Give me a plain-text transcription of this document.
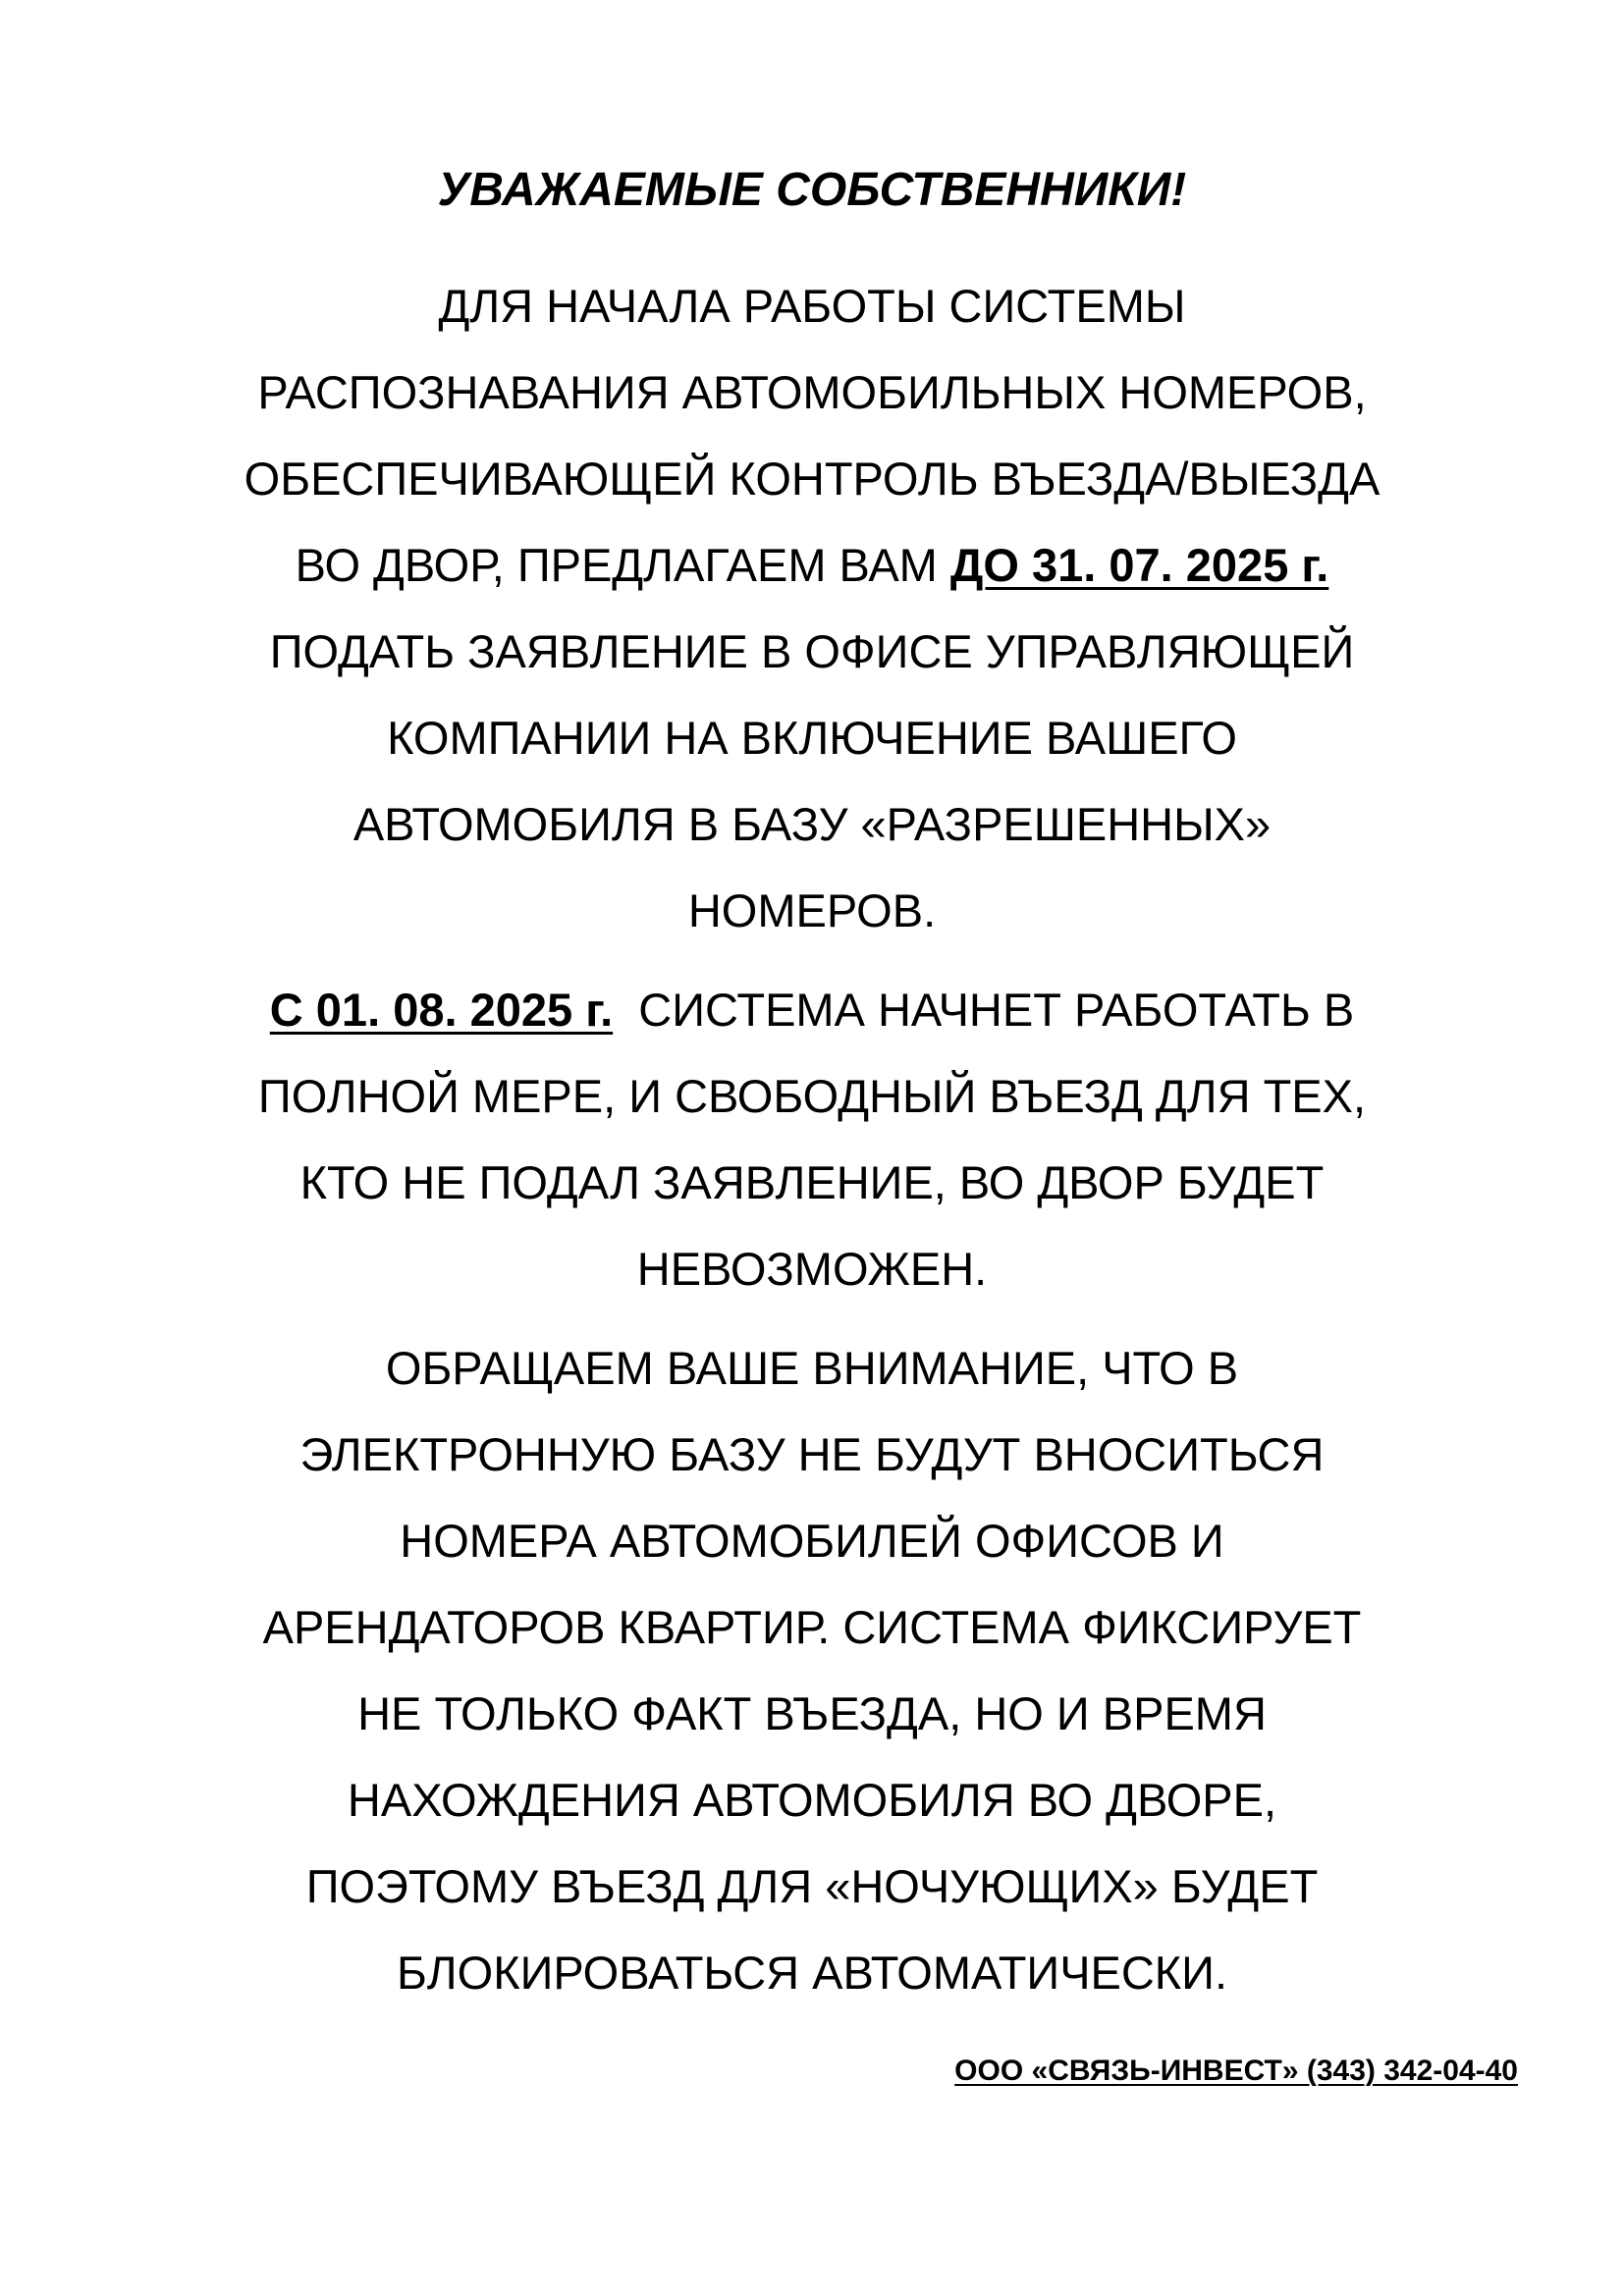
УВАЖАЕМЫЕ СОБСТВЕННИКИ!
ДЛЯ НАЧАЛА РАБОТЫ СИСТЕМЫ
РАСПОЗНАВАНИЯ АВТОМОБИЛЬНЫХ НОМЕРОВ,
ОБЕСПЕЧИВАЮЩЕЙ КОНТРОЛЬ ВЪЕЗДА/ВЫЕЗДА
ВО ДВОР, ПРЕДЛАГАЕМ ВАМ ДО 31. 07. 2025 г.
ПОДАТЬ ЗАЯВЛЕНИЕ В ОФИСЕ УПРАВЛЯЮЩЕЙ
КОМПАНИИ НА ВКЛЮЧЕНИЕ ВАШЕГО
АВТОМОБИЛЯ В БАЗУ «РАЗРЕШЕННЫХ»
НОМЕРОВ.
С 01. 08. 2025 г.  СИСТЕМА НАЧНЕТ РАБОТАТЬ В
ПОЛНОЙ МЕРЕ, И СВОБОДНЫЙ ВЪЕЗД ДЛЯ ТЕХ,
КТО НЕ ПОДАЛ ЗАЯВЛЕНИЕ, ВО ДВОР БУДЕТ
НЕВОЗМОЖЕН.
ОБРАЩАЕМ ВАШЕ ВНИМАНИЕ, ЧТО В
ЭЛЕКТРОННУЮ БАЗУ НЕ БУДУТ ВНОСИТЬСЯ
НОМЕРА АВТОМОБИЛЕЙ ОФИСОВ И
АРЕНДАТОРОВ КВАРТИР. СИСТЕМА ФИКСИРУЕТ
НЕ ТОЛЬКО ФАКТ ВЪЕЗДА, НО И ВРЕМЯ
НАХОЖДЕНИЯ АВТОМОБИЛЯ ВО ДВОРЕ,
ПОЭТОМУ ВЪЕЗД ДЛЯ «НОЧУЮЩИХ» БУДЕТ
БЛОКИРОВАТЬСЯ АВТОМАТИЧЕСКИ.
ООО «СВЯЗЬ-ИНВЕСТ» (343) 342-04-40
